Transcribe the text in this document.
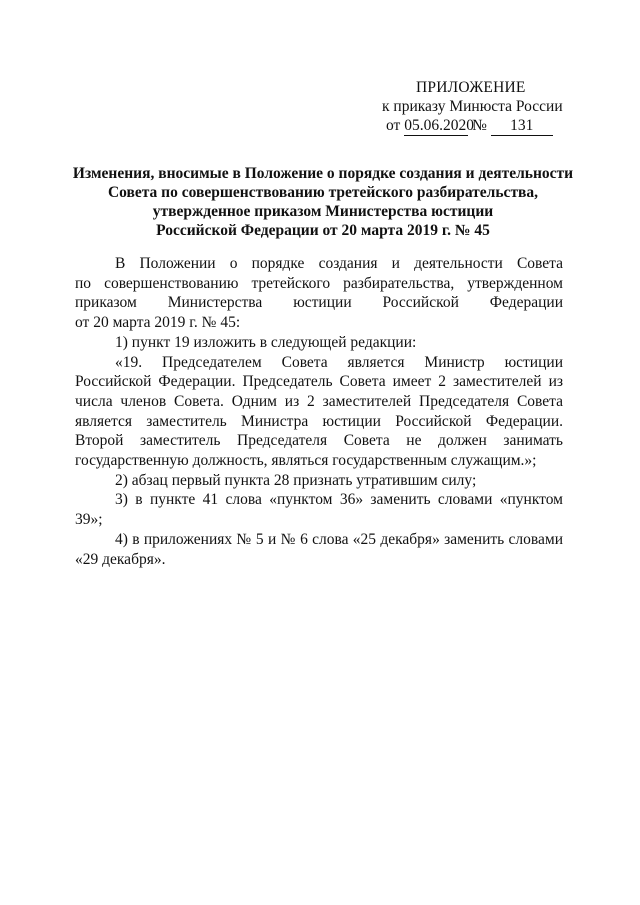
ПРИЛОЖЕНИЕ
к приказу Минюста России
от 05.06.2020 № 131
Изменения, вносимые в Положение о порядке создания и деятельности
Совета по совершенствованию третейского разбирательства,
утвержденное приказом Министерства юстиции
Российской Федерации от 20 марта 2019 г. № 45
В Положении о порядке создания и деятельности Совета
по совершенствованию третейского разбирательства, утвержденном
приказом Министерства юстиции Российской Федерации
от 20 марта 2019 г. № 45:

1) пункт 19 изложить в следующей редакции:

«19. Председателем Совета является Министр юстиции Российской Федерации. Председатель Совета имеет 2 заместителей из числа членов Совета. Одним из 2 заместителей Председателя Совета является заместитель Министра юстиции Российской Федерации. Второй заместитель Председателя Совета не должен занимать государственную должность, являться государственным служащим.»;

2) абзац первый пункта 28 признать утратившим силу;

3) в пункте 41 слова «пунктом 36» заменить словами «пунктом 39»;

4) в приложениях № 5 и № 6 слова «25 декабря» заменить словами «29 декабря».
